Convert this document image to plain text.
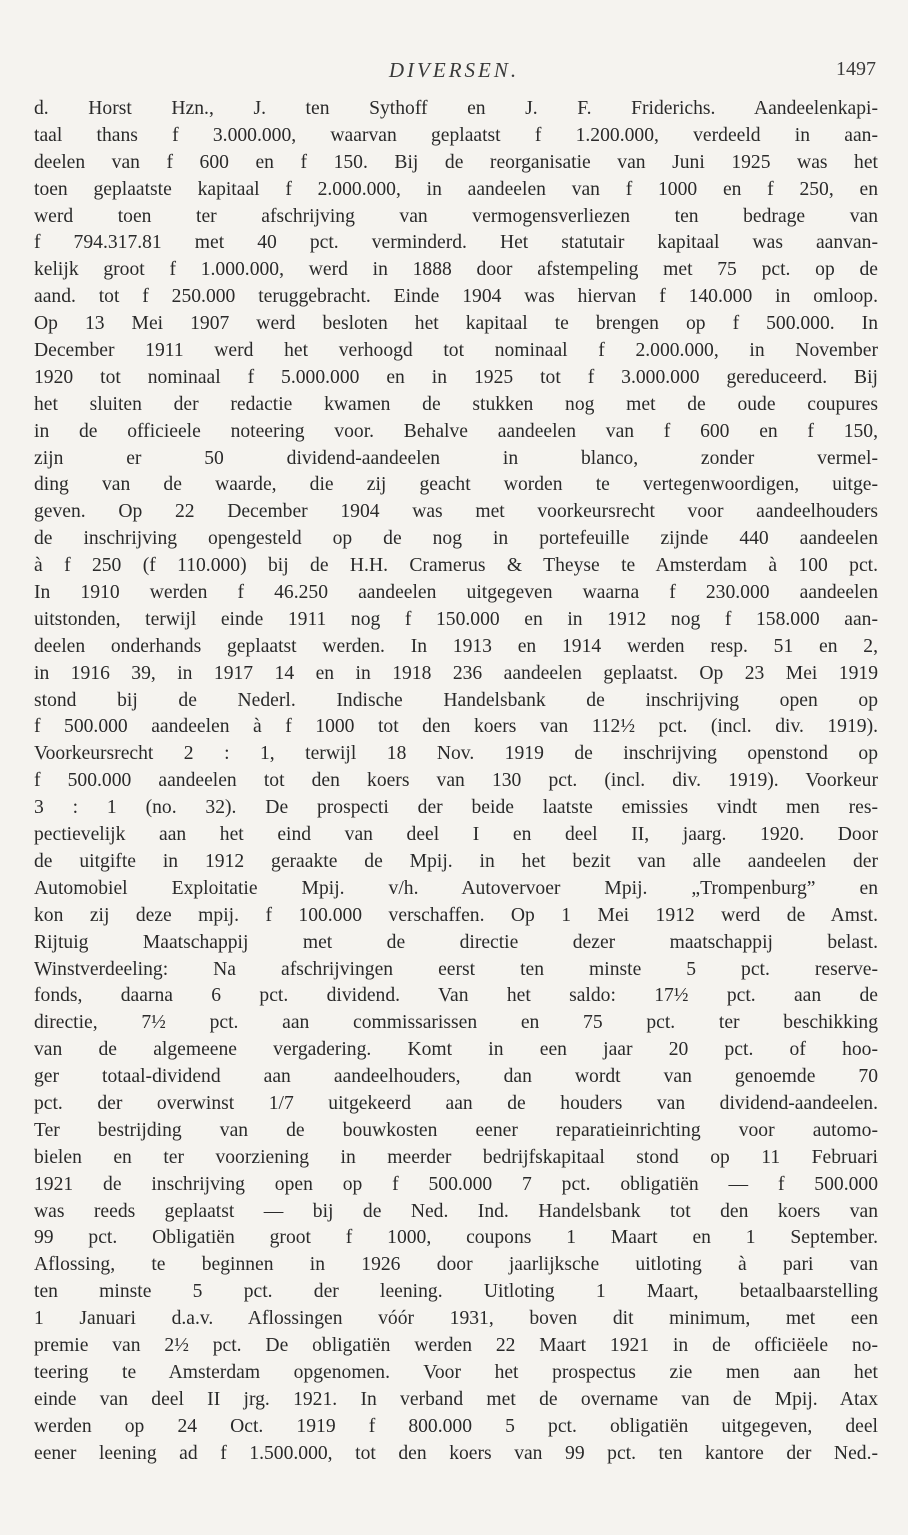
DIVERSEN.	1497
d. Horst Hzn., J. ten Sythoff en J. F. Friderichs. Aandeelenkapi-
taal thans f 3.000.000, waarvan geplaatst f 1.200.000, verdeeld in aan-
deelen van f 600 en f 150. Bij de reorganisatie van Juni 1925 was het
toen geplaatste kapitaal f 2.000.000, in aandeelen van f 1000 en f 250, en
werd toen ter afschrijving van vermogensverliezen ten bedrage van
f 794.317.81 met 40 pct. verminderd. Het statutair kapitaal was aanvan-
kelijk groot f 1.000.000, werd in 1888 door afstempeling met 75 pct. op de
aand. tot f 250.000 teruggebracht. Einde 1904 was hiervan f 140.000 in omloop.
Op 13 Mei 1907 werd besloten het kapitaal te brengen op f 500.000. In
December 1911 werd het verhoogd tot nominaal f 2.000.000, in November
1920 tot nominaal f 5.000.000 en in 1925 tot f 3.000.000 gereduceerd. Bij
het sluiten der redactie kwamen de stukken nog met de oude coupures
in de officieele noteering voor. Behalve aandeelen van f 600 en f 150,
zijn er 50 dividend-aandeelen in blanco, zonder vermel-
ding van de waarde, die zij geacht worden te vertegenwoordigen, uitge-
geven. Op 22 December 1904 was met voorkeursrecht voor aandeelhouders
de inschrijving opengesteld op de nog in portefeuille zijnde 440 aandeelen
à f 250 (f 110.000) bij de H.H. Cramerus & Theyse te Amsterdam à 100 pct.
In 1910 werden f 46.250 aandeelen uitgegeven waarna f 230.000 aandeelen
uitstonden, terwijl einde 1911 nog f 150.000 en in 1912 nog f 158.000 aan-
deelen onderhands geplaatst werden. In 1913 en 1914 werden resp. 51 en 2,
in 1916 39, in 1917 14 en in 1918 236 aandeelen geplaatst. Op 23 Mei 1919
stond bij de Nederl. Indische Handelsbank de inschrijving open op
f 500.000 aandeelen à f 1000 tot den koers van 112½ pct. (incl. div. 1919).
Voorkeursrecht 2 : 1, terwijl 18 Nov. 1919 de inschrijving openstond op
f 500.000 aandeelen tot den koers van 130 pct. (incl. div. 1919). Voorkeur
3 : 1 (no. 32). De prospecti der beide laatste emissies vindt men res-
pectievelijk aan het eind van deel I en deel II, jaarg. 1920. Door
de uitgifte in 1912 geraakte de Mpij. in het bezit van alle aandeelen der
Automobiel Exploitatie Mpij. v/h. Autovervoer Mpij. „Trompenburg” en
kon zij deze mpij. f 100.000 verschaffen. Op 1 Mei 1912 werd de Amst.
Rijtuig Maatschappij met de directie dezer maatschappij belast.
Winstverdeeling: Na afschrijvingen eerst ten minste 5 pct. reserve-
fonds, daarna 6 pct. dividend. Van het saldo: 17½ pct. aan de
directie, 7½ pct. aan commissarissen en 75 pct. ter beschikking
van de algemeene vergadering. Komt in een jaar 20 pct. of hoo-
ger totaal-dividend aan aandeelhouders, dan wordt van genoemde 70
pct. der overwinst 1/7 uitgekeerd aan de houders van dividend-aandeelen.
Ter bestrijding van de bouwkosten eener reparatieinrichting voor automo-
bielen en ter voorziening in meerder bedrijfskapitaal stond op 11 Februari
1921 de inschrijving open op f 500.000 7 pct. obligatiën — f 500.000
was reeds geplaatst — bij de Ned. Ind. Handelsbank tot den koers van
99 pct. Obligatiën groot f 1000, coupons 1 Maart en 1 September.
Aflossing, te beginnen in 1926 door jaarlijksche uitloting à pari van
ten minste 5 pct. der leening. Uitloting 1 Maart, betaalbaarstelling
1 Januari d.a.v. Aflossingen vóór 1931, boven dit minimum, met een
premie van 2½ pct. De obligatiën werden 22 Maart 1921 in de officiëele no-
teering te Amsterdam opgenomen. Voor het prospectus zie men aan het
einde van deel II jrg. 1921. In verband met de overname van de Mpij. Atax
werden op 24 Oct. 1919 f 800.000 5 pct. obligatiën uitgegeven, deel
eener leening ad f 1.500.000, tot den koers van 99 pct. ten kantore der Ned.-
